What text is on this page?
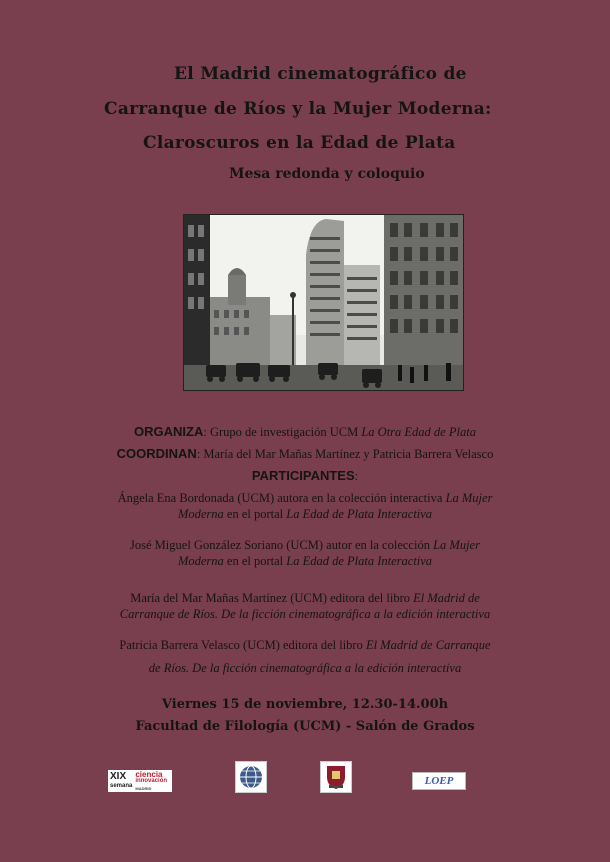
El Madrid cinematográfico de
Carranque de Ríos y la Mujer Moderna:
Claroscuros en la Edad de Plata
Mesa redonda y coloquio
ORGANIZA: Grupo de investigación UCM La Otra Edad de Plata
COORDINAN: María del Mar Mañas Martínez y Patricia Barrera Velasco
PARTICIPANTES:
Ángela Ena Bordonada (UCM) autora en la colección interactiva La Mujer
Moderna en el portal La Edad de Plata Interactiva
José Miguel González Soriano (UCM) autor en la colección La Mujer
Moderna en el portal La Edad de Plata Interactiva
María del Mar Mañas Martínez (UCM) editora del libro El Madrid de
Carranque de Ríos. De la ficción cinematográfica a la edición interactiva
Patricia Barrera Velasco (UCM) editora del libro El Madrid de Carranque
de Ríos. De la ficción cinematográfica a la edición interactiva
Viernes 15 de noviembre, 12.30-14.00h
Facultad de Filología (UCM) - Salón de Grados
XIX
semana
ciencia
innovación
MADRID
LOEP
